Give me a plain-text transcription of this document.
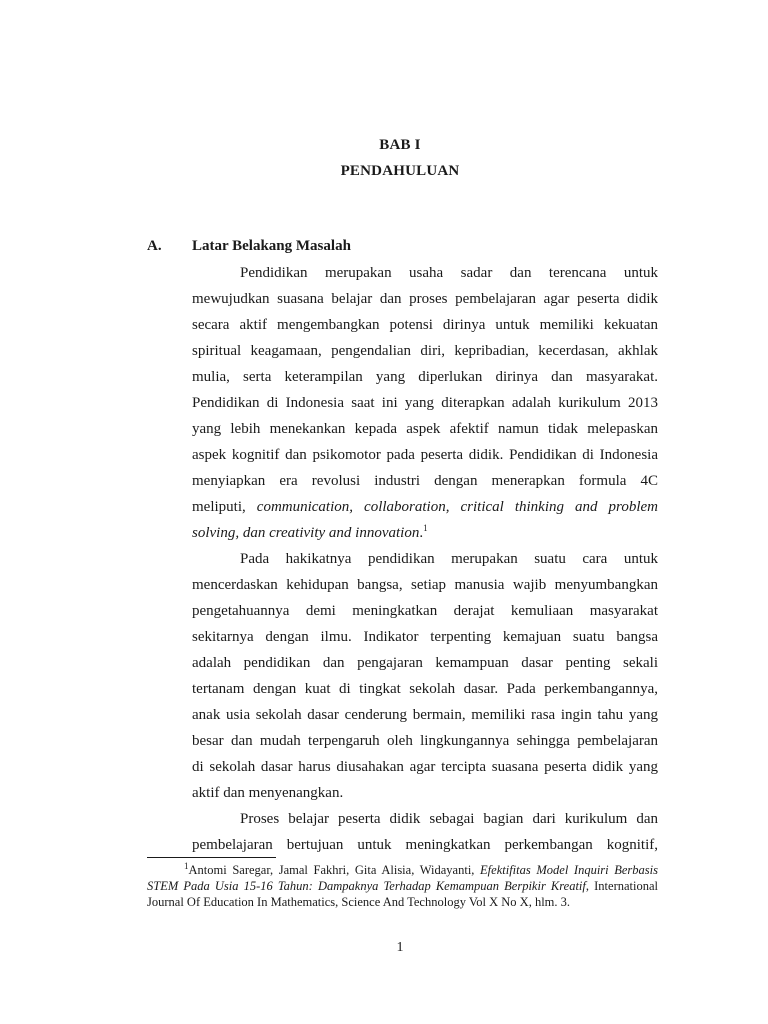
BAB I
PENDAHULUAN
A. Latar Belakang Masalah
Pendidikan merupakan usaha sadar dan terencana untuk
mewujudkan suasana belajar dan proses pembelajaran agar peserta didik
secara aktif mengembangkan potensi dirinya untuk memiliki kekuatan
spiritual keagamaan, pengendalian diri, kepribadian, kecerdasan, akhlak
mulia, serta keterampilan yang diperlukan dirinya dan masyarakat.
Pendidikan di Indonesia saat ini yang diterapkan adalah kurikulum 2013
yang lebih menekankan kepada aspek afektif namun tidak melepaskan
aspek kognitif dan psikomotor pada peserta didik. Pendidikan di Indonesia
menyiapkan era revolusi industri dengan menerapkan formula 4C
meliputi, communication, collaboration, critical thinking and problem
solving, dan creativity and innovation.$^1$
Pada hakikatnya pendidikan merupakan suatu cara untuk
mencerdaskan kehidupan bangsa, setiap manusia wajib menyumbangkan
pengetahuannya demi meningkatkan derajat kemuliaan masyarakat
sekitarnya dengan ilmu. Indikator terpenting kemajuan suatu bangsa
adalah pendidikan dan pengajaran kemampuan dasar penting sekali
tertanam dengan kuat di tingkat sekolah dasar. Pada perkembangannya,
anak usia sekolah dasar cenderung bermain, memiliki rasa ingin tahu yang
besar dan mudah terpengaruh oleh lingkungannya sehingga pembelajaran
di sekolah dasar harus diusahakan agar tercipta suasana peserta didik yang
aktif dan menyenangkan.
Proses belajar peserta didik sebagai bagian dari kurikulum dan
pembelajaran bertujuan untuk meningkatkan perkembangan kognitif,
$^1$Antomi Saregar, Jamal Fakhri, Gita Alisia, Widayanti, Efektifitas Model Inquiri Berbasis
STEM Pada Usia 15-16 Tahun: Dampaknya Terhadap Kemampuan Berpikir Kreatif, International
Journal Of Education In Mathematics, Science And Technology Vol X No X, hlm. 3.
1
